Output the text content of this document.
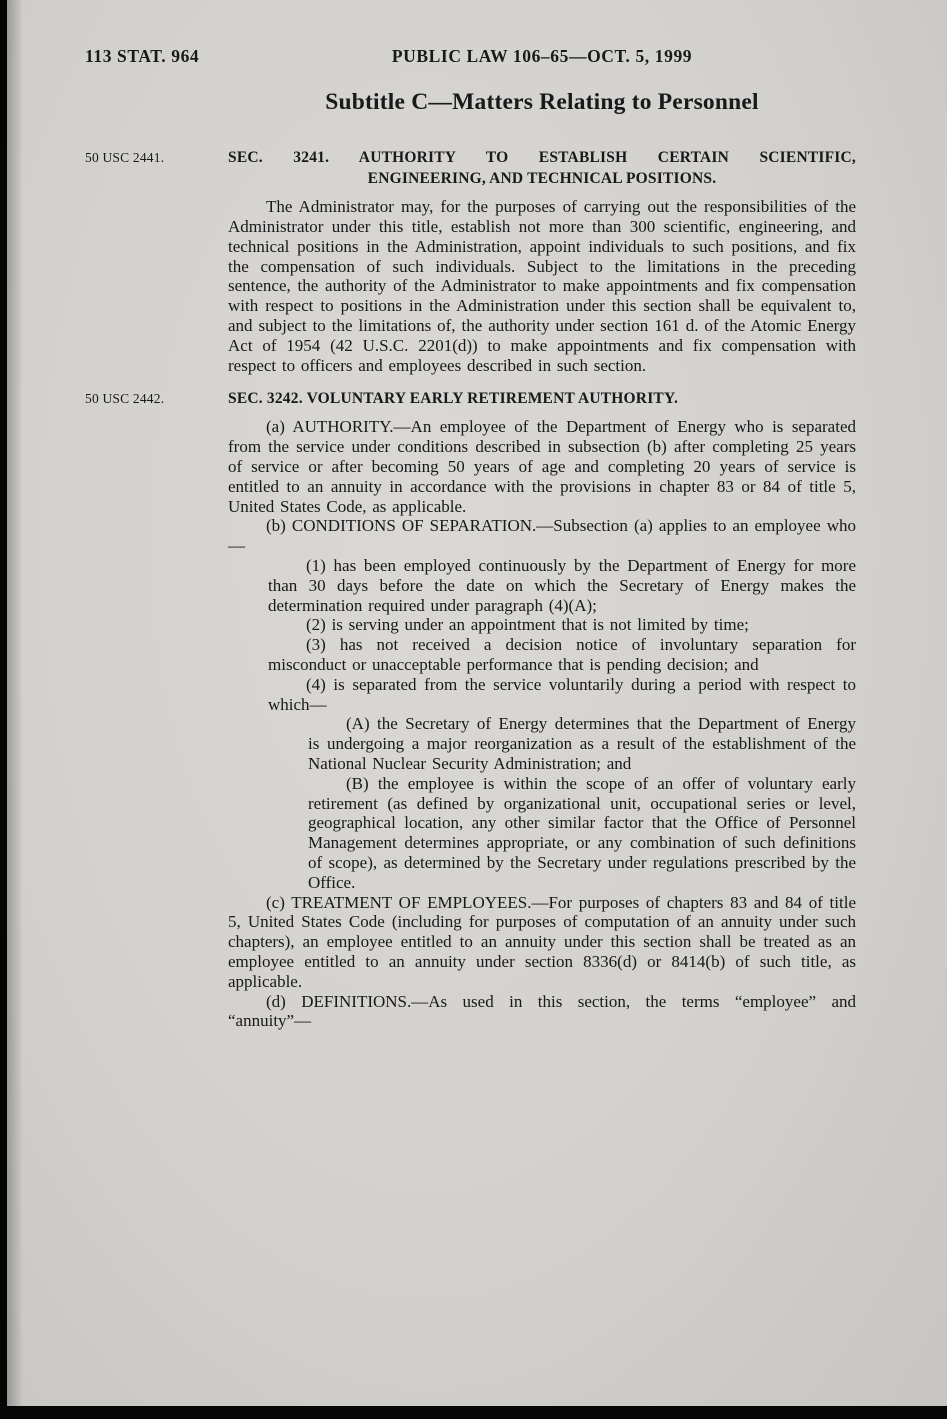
113 STAT. 964	PUBLIC LAW 106–65—OCT. 5, 1999
Subtitle C—Matters Relating to Personnel
50 USC 2441.	SEC. 3241. AUTHORITY TO ESTABLISH CERTAIN SCIENTIFIC,
ENGINEERING, AND TECHNICAL POSITIONS.

The Administrator may, for the purposes of carrying out the responsibilities of the Administrator under this title, establish not more than 300 scientific, engineering, and technical positions in the Administration, appoint individuals to such positions, and fix the compensation of such individuals. Subject to the limitations in the preceding sentence, the authority of the Administrator to make appointments and fix compensation with respect to positions in the Administration under this section shall be equivalent to, and subject to the limitations of, the authority under section 161 d. of the Atomic Energy Act of 1954 (42 U.S.C. 2201(d)) to make appointments and fix compensation with respect to officers and employees described in such section.

50 USC 2442.	SEC. 3242. VOLUNTARY EARLY RETIREMENT AUTHORITY.

(a) AUTHORITY.—An employee of the Department of Energy who is separated from the service under conditions described in subsection (b) after completing 25 years of service or after becoming 50 years of age and completing 20 years of service is entitled to an annuity in accordance with the provisions in chapter 83 or 84 of title 5, United States Code, as applicable.

(b) CONDITIONS OF SEPARATION.—Subsection (a) applies to an employee who—

(1) has been employed continuously by the Department of Energy for more than 30 days before the date on which the Secretary of Energy makes the determination required under paragraph (4)(A);

(2) is serving under an appointment that is not limited by time;

(3) has not received a decision notice of involuntary separation for misconduct or unacceptable performance that is pending decision; and

(4) is separated from the service voluntarily during a period with respect to which—

(A) the Secretary of Energy determines that the Department of Energy is undergoing a major reorganization as a result of the establishment of the National Nuclear Security Administration; and

(B) the employee is within the scope of an offer of voluntary early retirement (as defined by organizational unit, occupational series or level, geographical location, any other similar factor that the Office of Personnel Management determines appropriate, or any combination of such definitions of scope), as determined by the Secretary under regulations prescribed by the Office.

(c) TREATMENT OF EMPLOYEES.—For purposes of chapters 83 and 84 of title 5, United States Code (including for purposes of computation of an annuity under such chapters), an employee entitled to an annuity under this section shall be treated as an employee entitled to an annuity under section 8336(d) or 8414(b) of such title, as applicable.

(d) DEFINITIONS.—As used in this section, the terms “employee” and “annuity”—
